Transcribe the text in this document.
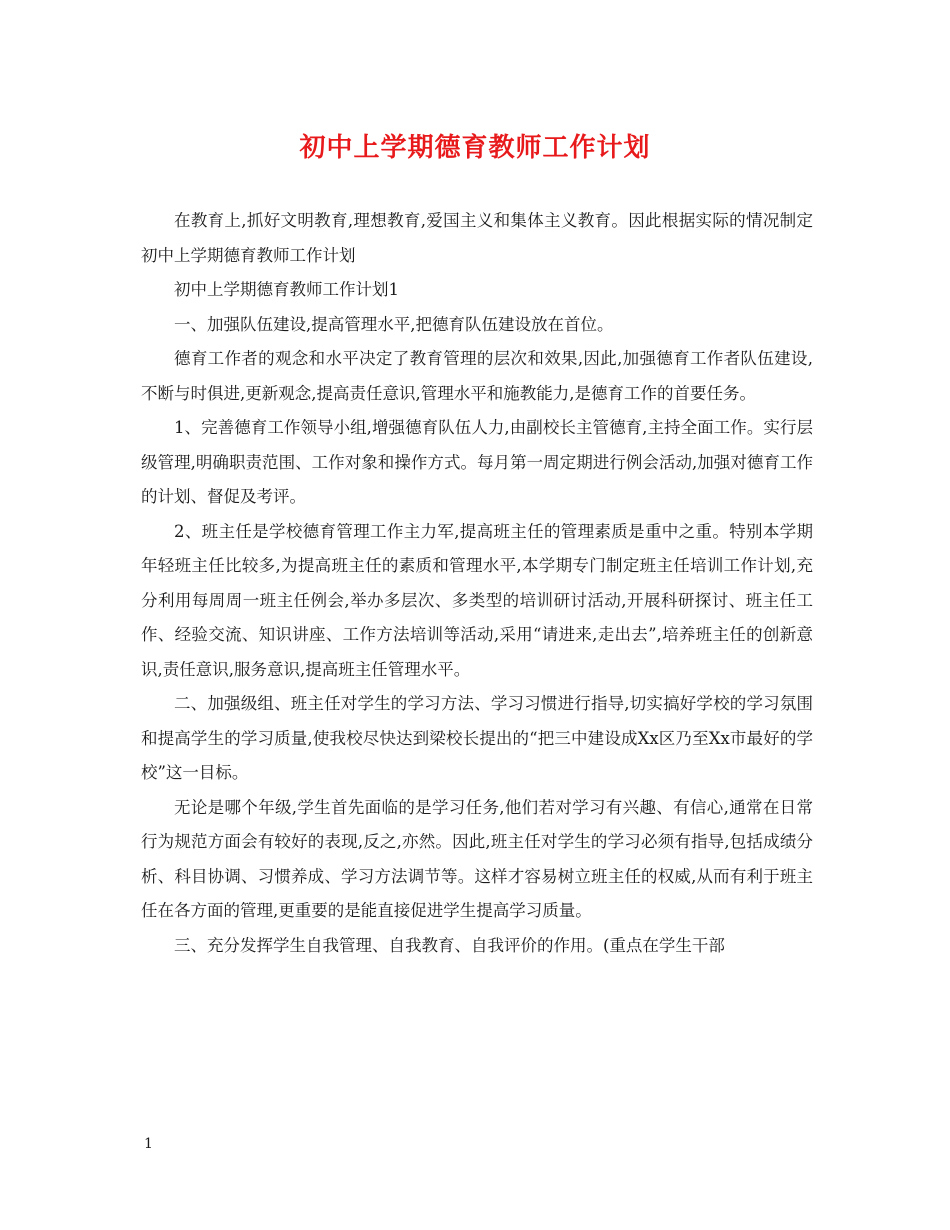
初中上学期德育教师工作计划

在教育上,抓好文明教育,理想教育,爱国主义和集体主义教育。因此根据实际的情况制定初中上学期德育教师工作计划

初中上学期德育教师工作计划1

一、加强队伍建设,提高管理水平,把德育队伍建设放在首位。

德育工作者的观念和水平决定了教育管理的层次和效果,因此,加强德育工作者队伍建设,不断与时俱进,更新观念,提高责任意识,管理水平和施教能力,是德育工作的首要任务。

1、完善德育工作领导小组,增强德育队伍人力,由副校长主管德育,主持全面工作。实行层级管理,明确职责范围、工作对象和操作方式。每月第一周定期进行例会活动,加强对德育工作的计划、督促及考评。

2、班主任是学校德育管理工作主力军,提高班主任的管理素质是重中之重。特别本学期年轻班主任比较多,为提高班主任的素质和管理水平,本学期专门制定班主任培训工作计划,充分利用每周周一班主任例会,举办多层次、多类型的培训研讨活动,开展科研探讨、班主任工作、经验交流、知识讲座、工作方法培训等活动,采用“请进来,走出去”,培养班主任的创新意识,责任意识,服务意识,提高班主任管理水平。

二、加强级组、班主任对学生的学习方法、学习习惯进行指导,切实搞好学校的学习氛围和提高学生的学习质量,使我校尽快达到梁校长提出的“把三中建设成Xx区乃至Xx市最好的学校”这一目标。

无论是哪个年级,学生首先面临的是学习任务,他们若对学习有兴趣、有信心,通常在日常行为规范方面会有较好的表现,反之,亦然。因此,班主任对学生的学习必须有指导,包括成绩分析、科目协调、习惯养成、学习方法调节等。这样才容易树立班主任的权威,从而有利于班主任在各方面的管理,更重要的是能直接促进学生提高学习质量。

三、充分发挥学生自我管理、自我教育、自我评价的作用。(重点在学生干部

1
